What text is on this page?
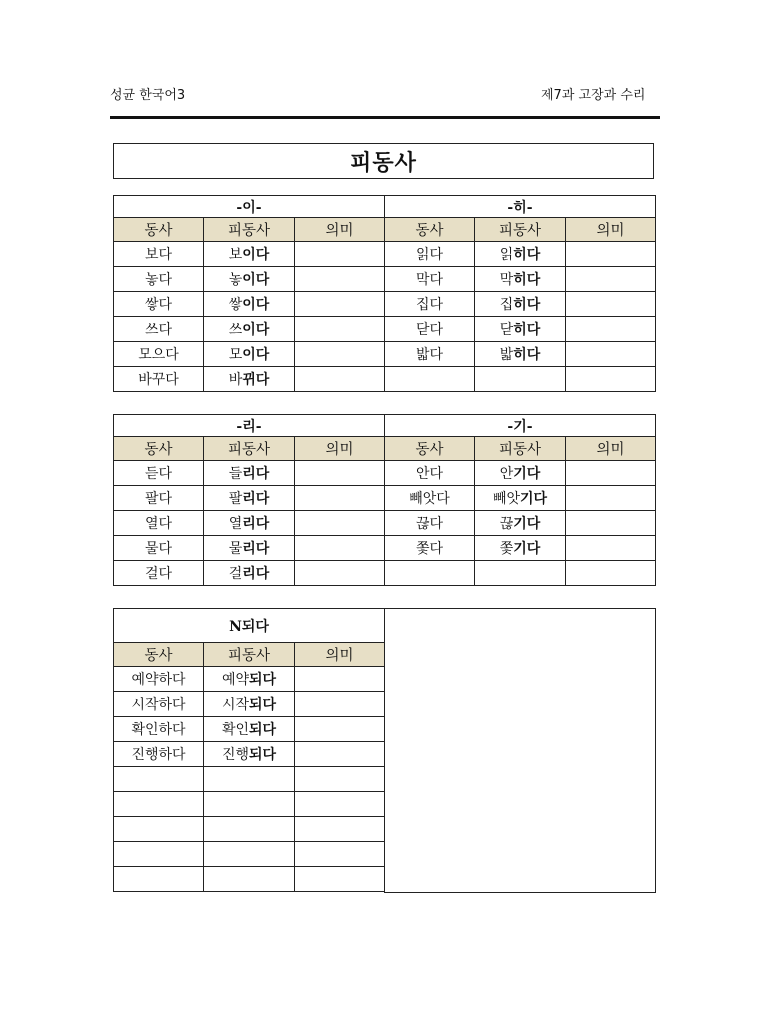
성균 한국어3	제7과 고장과 수리
피동사
-이-			-히-		
동사	피동사	의미	동사	피동사	의미
보다	보이다		읽다	읽히다	
놓다	놓이다		막다	막히다	
쌓다	쌓이다		집다	집히다	
쓰다	쓰이다		닫다	닫히다	
모으다	모이다		밟다	밟히다	
바꾸다	바뀌다				
-리-			-기-		
동사	피동사	의미	동사	피동사	의미
듣다	들리다		안다	안기다	
팔다	팔리다		빼앗다	빼앗기다	
열다	열리다		끊다	끊기다	
물다	물리다		쫓다	쫓기다	
걸다	걸리다				
N되다		
동사	피동사	의미
예약하다	예약되다	
시작하다	시작되다	
확인하다	확인되다	
진행하다	진행되다	
